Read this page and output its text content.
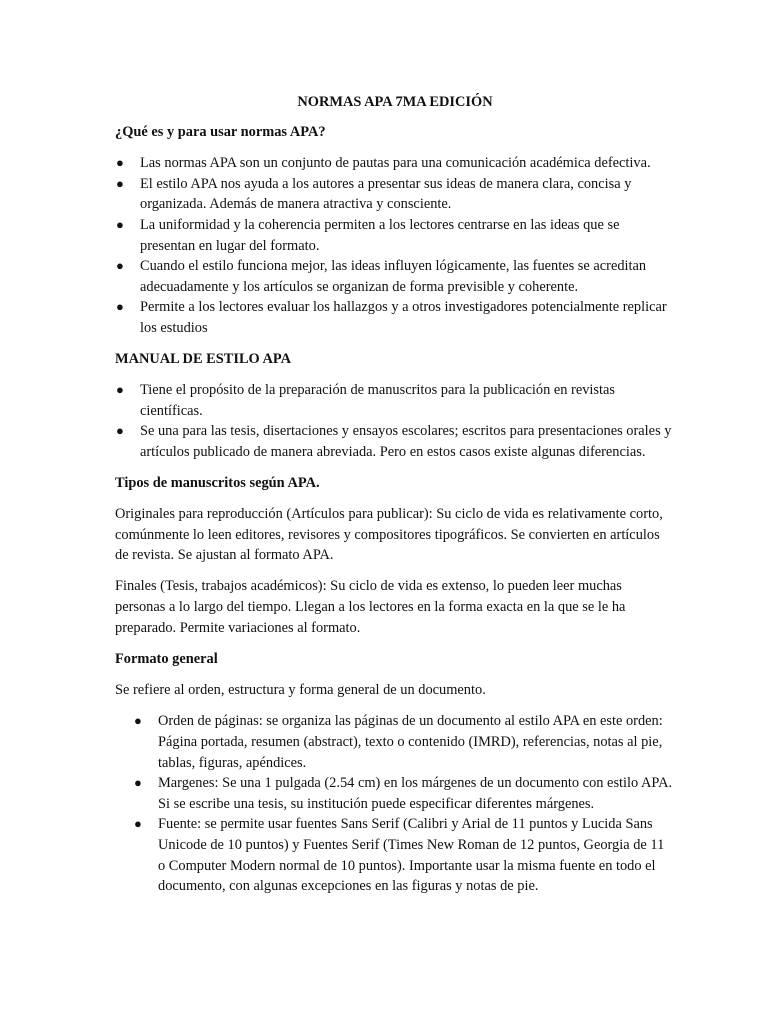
NORMAS APA 7MA EDICIÓN
¿Qué es y para usar normas APA?
● Las normas APA son un conjunto de pautas para una comunicación académica defectiva.
● El estilo APA nos ayuda a los autores a presentar sus ideas de manera clara, concisa y organizada. Además de manera atractiva y consciente.
● La uniformidad y la coherencia permiten a los lectores centrarse en las ideas que se presentan en lugar del formato.
● Cuando el estilo funciona mejor, las ideas influyen lógicamente, las fuentes se acreditan adecuadamente y los artículos se organizan de forma previsible y coherente.
● Permite a los lectores evaluar los hallazgos y a otros investigadores potencialmente replicar los estudios
MANUAL DE ESTILO APA
● Tiene el propósito de la preparación de manuscritos para la publicación en revistas científicas.
● Se una para las tesis, disertaciones y ensayos escolares; escritos para presentaciones orales y artículos publicado de manera abreviada. Pero en estos casos existe algunas diferencias.
Tipos de manuscritos según APA.

Originales para reproducción (Artículos para publicar): Su ciclo de vida es relativamente corto, comúnmente lo leen editores, revisores y compositores tipográficos. Se convierten en artículos de revista. Se ajustan al formato APA.

Finales (Tesis, trabajos académicos): Su ciclo de vida es extenso, lo pueden leer muchas personas a lo largo del tiempo. Llegan a los lectores en la forma exacta en la que se le ha preparado. Permite variaciones al formato.

Formato general

Se refiere al orden, estructura y forma general de un documento.

● Orden de páginas: se organiza las páginas de un documento al estilo APA en este orden: Página portada, resumen (abstract), texto o contenido (IMRD), referencias, notas al pie, tablas, figuras, apéndices.
● Margenes: Se una 1 pulgada (2.54 cm) en los márgenes de un documento con estilo APA. Si se escribe una tesis, su institución puede especificar diferentes márgenes.
● Fuente: se permite usar fuentes Sans Serif (Calibri y Arial de 11 puntos y Lucida Sans Unicode de 10 puntos) y Fuentes Serif (Times New Roman de 12 puntos, Georgia de 11 o Computer Modern normal de 10 puntos). Importante usar la misma fuente en todo el documento, con algunas excepciones en las figuras y notas de pie.
